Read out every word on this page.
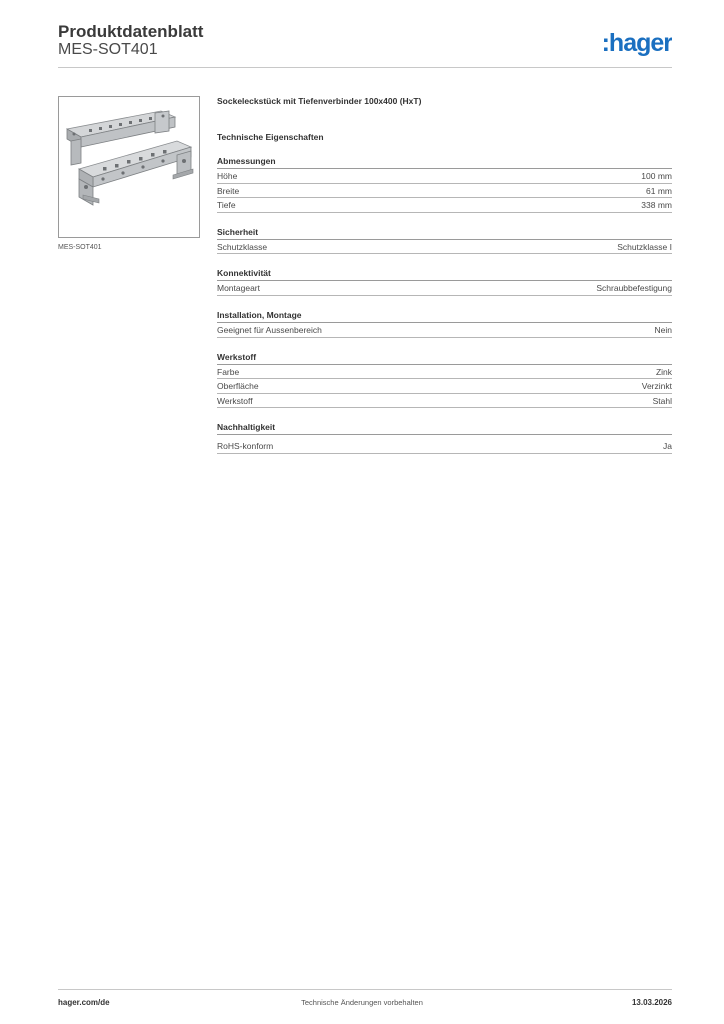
Produktdatenblatt
MES-SOT401	:hager
MES-SOT401
Sockeleckstück mit Tiefenverbinder 100x400 (HxT)
Technische Eigenschaften
Abmessungen
Höhe	100 mm
Breite	61 mm
Tiefe	338 mm
Sicherheit
Schutzklasse	Schutzklasse I
Konnektivität
Montageart	Schraubbefestigung
Installation, Montage
Geeignet für Aussenbereich	Nein
Werkstoff
Farbe	Zink
Oberfläche	Verzinkt
Werkstoff	Stahl
Nachhaltigkeit
RoHS-konform	Ja
Technische Änderungen vorbehalten
hager.com/de	13.03.2026
